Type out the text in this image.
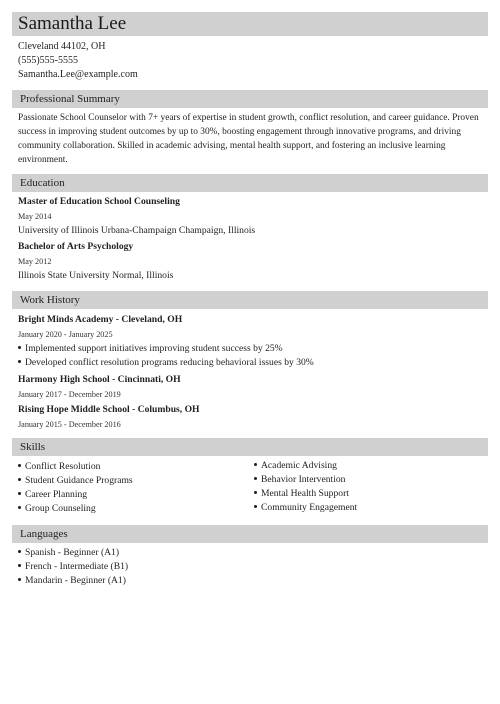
Samantha Lee
Cleveland 44102, OH
(555)555-5555
Samantha.Lee@example.com
Professional Summary
Passionate School Counselor with 7+ years of expertise in student growth, conflict resolution, and career guidance. Proven success in improving student outcomes by up to 30%, boosting engagement through innovative programs, and driving community collaboration. Skilled in academic advising, mental health support, and fostering an inclusive learning environment.
Education
Master of Education School Counseling
May 2014
University of Illinois Urbana-Champaign Champaign, Illinois
Bachelor of Arts Psychology
May 2012
Illinois State University Normal, Illinois
Work History
Bright Minds Academy - Cleveland, OH
January 2020 - January 2025
Implemented support initiatives improving student success by 25%
Developed conflict resolution programs reducing behavioral issues by 30%
Harmony High School - Cincinnati, OH
January 2017 - December 2019
Rising Hope Middle School - Columbus, OH
January 2015 - December 2016
Skills
Conflict Resolution
Student Guidance Programs
Career Planning
Group Counseling
Academic Advising
Behavior Intervention
Mental Health Support
Community Engagement
Languages
Spanish - Beginner (A1)
French - Intermediate (B1)
Mandarin - Beginner (A1)
